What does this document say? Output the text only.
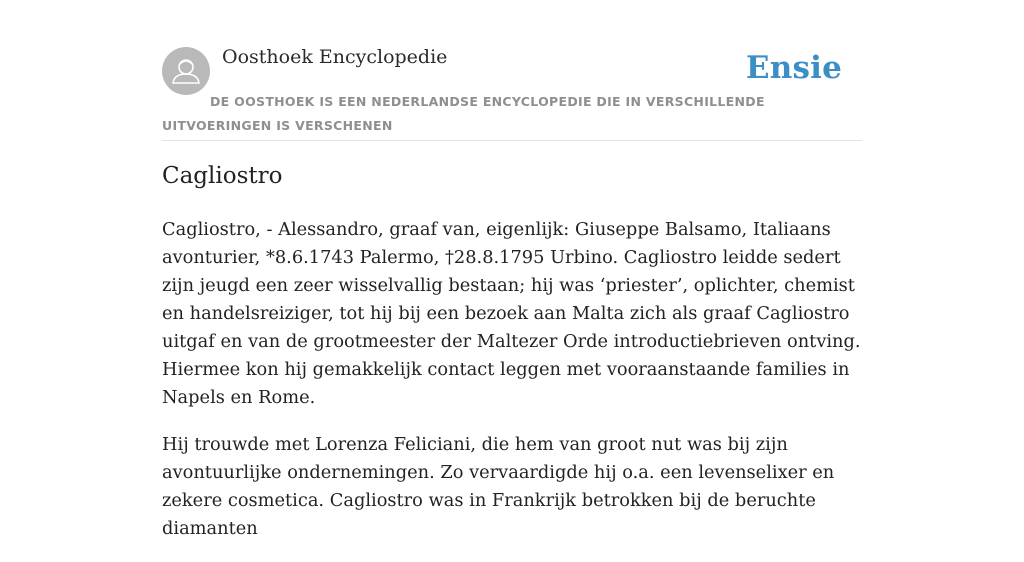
Oosthoek Encyclopedie	Ensie
DE OOSTHOEK IS EEN NEDERLANDSE ENCYCLOPEDIE DIE IN VERSCHILLENDE UITVOERINGEN IS VERSCHENEN
Cagliostro

Cagliostro, - Alessandro, graaf van, eigenlijk: Giuseppe Balsamo, Italiaans avonturier, *8.6.1743 Palermo, †28.8.1795 Urbino. Cagliostro leidde sedert zijn jeugd een zeer wisselvallig bestaan; hij was ‘priester’, oplichter, chemist en handelsreiziger, tot hij bij een bezoek aan Malta zich als graaf Cagliostro uitgaf en van de grootmeester der Maltezer Orde introductiebrieven ontving. Hiermee kon hij gemakkelijk contact leggen met vooraanstaande families in Napels en Rome.

Hij trouwde met Lorenza Feliciani, die hem van groot nut was bij zijn avontuurlijke ondernemingen. Zo vervaardigde hij o.a. een levenselixer en zekere cosmetica. Cagliostro was in Frankrijk betrokken bij de beruchte diamanten
